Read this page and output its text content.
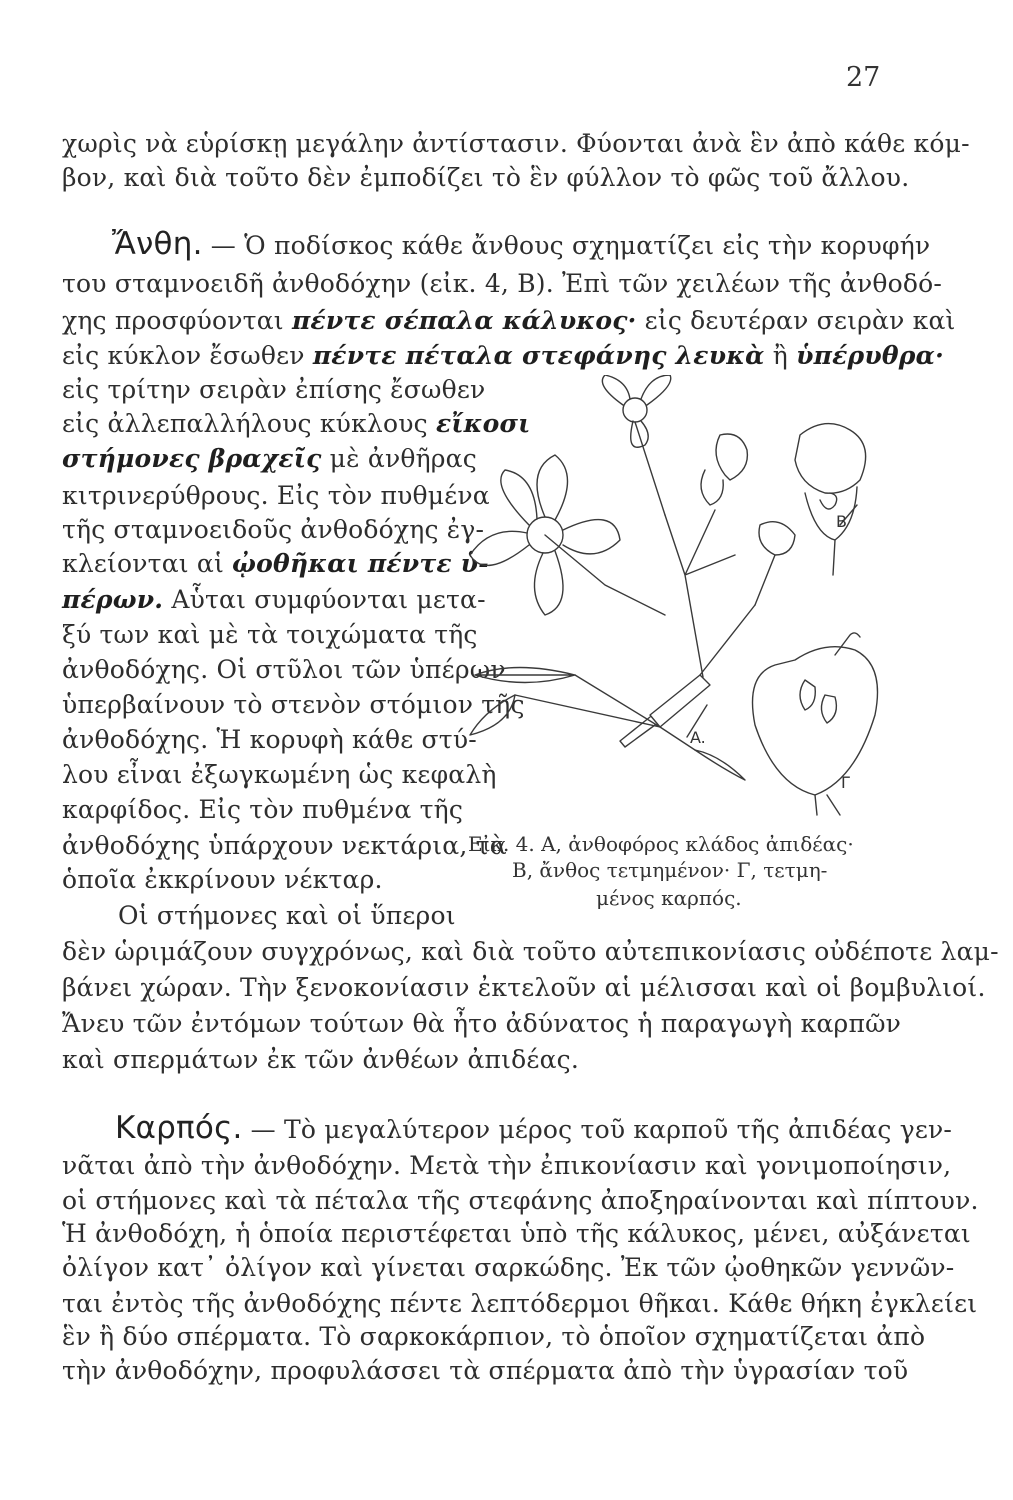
27
χωρὶς νὰ εὑρίσκῃ μεγάλην ἀντίστασιν. Φύονται ἀνὰ ἓν ἀπὸ κάθε κόμ-
βον, καὶ διὰ τοῦτο δὲν ἐμποδίζει τὸ ἓν φύλλον τὸ φῶς τοῦ ἄλλου.
Ἄνθη. — Ὁ ποδίσκος κάθε ἄνθους σχηματίζει εἰς τὴν κορυφήν
του σταμνοειδῆ ἀνθοδόχην (εἰκ. 4, Β). Ἐπὶ τῶν χειλέων τῆς ἀνθοδό-
χης προσφύονται πέντε σέπαλα κάλυκος· εἰς δευτέραν σειρὰν καὶ
εἰς κύκλον ἔσωθεν πέντε πέταλα στεφάνης λευκὰ ἢ ὑπέρυθρα·
εἰς τρίτην σειρὰν ἐπίσης ἔσωθεν
εἰς ἀλλεπαλλήλους κύκλους εἴκοσι
στήμονες βραχεῖς μὲ ἀνθῆρας
κιτρινερύθρους. Εἰς τὸν πυθμένα
τῆς σταμνοειδοῦς ἀνθοδόχης ἐγ-
κλείονται αἱ ᾠοθῆκαι πέντε ὑ-
πέρων. Αὗται συμφύονται μετα-
ξύ των καὶ μὲ τὰ τοιχώματα τῆς
ἀνθοδόχης. Οἱ στῦλοι τῶν ὑπέρων
ὑπερβαίνουν τὸ στενὸν στόμιον τῆς
ἀνθοδόχης. Ἡ κορυφὴ κάθε στύ-
λου εἶναι ἐξωγκωμένη ὡς κεφαλὴ
καρφίδος. Εἰς τὸν πυθμένα τῆς
ἀνθοδόχης ὑπάρχουν νεκτάρια, τὰ
ὁποῖα ἐκκρίνουν νέκταρ.
Οἱ στήμονες καὶ οἱ ὕπεροι
δὲν ὡριμάζουν συγχρόνως, καὶ διὰ τοῦτο αὐτεπικονίασις οὐδέποτε λαμ-
βάνει χώραν. Τὴν ξενοκονίασιν ἐκτελοῦν αἱ μέλισσαι καὶ οἱ βομβυλιοί.
Ἄνευ τῶν ἐντόμων τούτων θὰ ἦτο ἀδύνατος ἡ παραγωγὴ καρπῶν
καὶ σπερμάτων ἐκ τῶν ἀνθέων ἀπιδέας.
A.
B
Γ
Εἰκ. 4. Α, ἀνθοφόρος κλάδος ἀπιδέας·
Β, ἄνθος τετμημένον· Γ, τετμη-
μένος καρπός.
Καρπός. — Τὸ μεγαλύτερον μέρος τοῦ καρποῦ τῆς ἀπιδέας γεν-
νᾶται ἀπὸ τὴν ἀνθοδόχην. Μετὰ τὴν ἐπικονίασιν καὶ γονιμοποίησιν,
οἱ στήμονες καὶ τὰ πέταλα τῆς στεφάνης ἀποξηραίνονται καὶ πίπτουν.
Ἡ ἀνθοδόχη, ἡ ὁποία περιστέφεται ὑπὸ τῆς κάλυκος, μένει, αὐξάνεται
ὀλίγον κατ᾿ ὀλίγον καὶ γίνεται σαρκώδης. Ἐκ τῶν ᾠοθηκῶν γεννῶν-
ται ἐντὸς τῆς ἀνθοδόχης πέντε λεπτόδερμοι θῆκαι. Κάθε θήκη ἐγκλείει
ἓν ἢ δύο σπέρματα. Τὸ σαρκοκάρπιον, τὸ ὁποῖον σχηματίζεται ἀπὸ
τὴν ἀνθοδόχην, προφυλάσσει τὰ σπέρματα ἀπὸ τὴν ὑγρασίαν τοῦ
